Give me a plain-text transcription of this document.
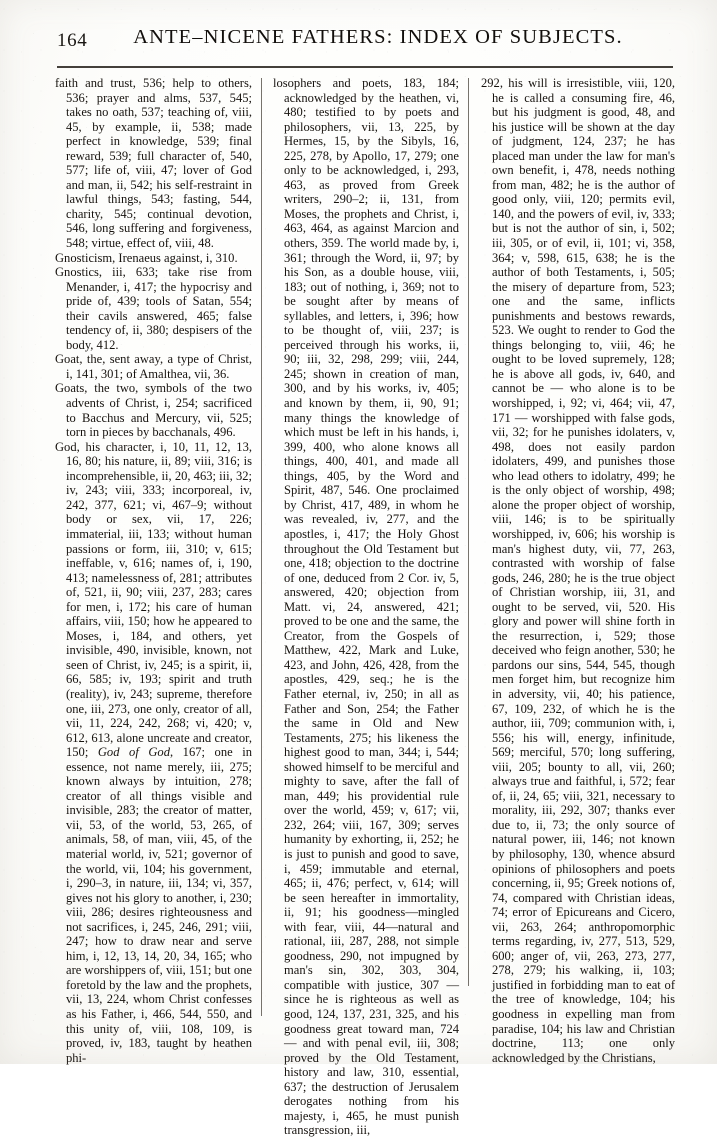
164	ANTE–NICENE FATHERS: INDEX OF SUBJECTS.

faith and trust, 536; help to others, 536; prayer and alms, 537, 545; takes no oath, 537; teaching of, viii, 45, by example, ii, 538; made perfect in knowledge, 539; final reward, 539; full character of, 540, 577; life of, viii, 47; lover of God and man, ii, 542; his self-restraint in lawful things, 543; fasting, 544, charity, 545; continual devotion, 546, long suffering and forgiveness, 548; virtue, effect of, viii, 48.

Gnosticism, Irenaeus against, i, 310.

Gnostics, iii, 633; take rise from Menander, i, 417; the hypocrisy and pride of, 439; tools of Satan, 554; their cavils answered, 465; false tendency of, ii, 380; despisers of the body, 412.

Goat, the, sent away, a type of Christ, i, 141, 301; of Amalthea, vii, 36.

Goats, the two, symbols of the two advents of Christ, i, 254; sacrificed to Bacchus and Mercury, vii, 525; torn in pieces by bacchanals, 496.

God, his character, i, 10, 11, 12, 13, 16, 80; his nature, ii, 89; viii, 316; is incomprehensible, ii, 20, 463; iii, 32; iv, 243; viii, 333; incorporeal, iv, 242, 377, 621; vi, 467–9; without body or sex, vii, 17, 226; immaterial, iii, 133; without human passions or form, iii, 310; v, 615; ineffable, v, 616; names of, i, 190, 413; namelessness of, 281; attributes of, 521, ii, 90; viii, 237, 283; cares for men, i, 172; his care of human affairs, viii, 150; how he appeared to Moses, i, 184, and others, yet invisible, 490, invisible, known, not seen of Christ, iv, 245; is a spirit, ii, 66, 585; iv, 193; spirit and truth (reality), iv, 243; supreme, therefore one, iii, 273, one only, creator of all, vii, 11, 224, 242, 268; vi, 420; v, 612, 613, alone uncreate and creator, 150; God of God, 167; one in essence, not name merely, iii, 275; known always by intuition, 278; creator of all things visible and invisible, 283; the creator of matter, vii, 53, of the world, 53, 265, of animals, 58, of man, viii, 45, of the material world, iv, 521; governor of the world, vii, 104; his government, i, 290–3, in nature, iii, 134; vi, 357, gives not his glory to another, i, 230; viii, 286; desires righteousness and not sacrifices, i, 245, 246, 291; viii, 247; how to draw near and serve him, i, 12, 13, 14, 20, 34, 165; who are worshippers of, viii, 151; but one foretold by the law and the prophets, vii, 13, 224, whom Christ confesses as his Father, i, 466, 544, 550, and this unity of, viii, 108, 109, is proved, iv, 183, taught by heathen phi-

losophers and poets, 183, 184; acknowledged by the heathen, vi, 480; testified to by poets and philosophers, vii, 13, 225, by Hermes, 15, by the Sibyls, 16, 225, 278, by Apollo, 17, 279; one only to be acknowledged, i, 293, 463, as proved from Greek writers, 290–2; ii, 131, from Moses, the prophets and Christ, i, 463, 464, as against Marcion and others, 359. The world made by, i, 361; through the Word, ii, 97; by his Son, as a double house, viii, 183; out of nothing, i, 369; not to be sought after by means of syllables, and letters, i, 396; how to be thought of, viii, 237; is perceived through his works, ii, 90; iii, 32, 298, 299; viii, 244, 245; shown in creation of man, 300, and by his works, iv, 405; and known by them, ii, 90, 91; many things the knowledge of which must be left in his hands, i, 399, 400, who alone knows all things, 400, 401, and made all things, 405, by the Word and Spirit, 487, 546. One proclaimed by Christ, 417, 489, in whom he was revealed, iv, 277, and the apostles, i, 417; the Holy Ghost throughout the Old Testament but one, 418; objection to the doctrine of one, deduced from 2 Cor. iv, 5, answered, 420; objection from Matt. vi, 24, answered, 421; proved to be one and the same, the Creator, from the Gospels of Matthew, 422, Mark and Luke, 423, and John, 426, 428, from the apostles, 429, seq.; he is the Father eternal, iv, 250; in all as Father and Son, 254; the Father the same in Old and New Testaments, 275; his likeness the highest good to man, 344; i, 544; showed himself to be merciful and mighty to save, after the fall of man, 449; his providential rule over the world, 459; v, 617; vii, 232, 264; viii, 167, 309; serves humanity by exhorting, ii, 252; he is just to punish and good to save, i, 459; immutable and eternal, 465; ii, 476; perfect, v, 614; will be seen hereafter in immortality, ii, 91; his goodness—mingled with fear, viii, 44—natural and rational, iii, 287, 288, not simple goodness, 290, not impugned by man's sin, 302, 303, 304, compatible with justice, 307 — since he is righteous as well as good, 124, 137, 231, 325, and his goodness great toward man, 724 — and with penal evil, iii, 308; proved by the Old Testament, history and law, 310, essential, 637; the destruction of Jerusalem derogates nothing from his majesty, i, 465, he must punish transgression, iii,

292, his will is irresistible, viii, 120, he is called a consuming fire, 46, but his judgment is good, 48, and his justice will be shown at the day of judgment, 124, 237; he has placed man under the law for man's own benefit, i, 478, needs nothing from man, 482; he is the author of good only, viii, 120; permits evil, 140, and the powers of evil, iv, 333; but is not the author of sin, i, 502; iii, 305, or of evil, ii, 101; vi, 358, 364; v, 598, 615, 638; he is the author of both Testaments, i, 505; the misery of departure from, 523; one and the same, inflicts punishments and bestows rewards, 523. We ought to render to God the things belonging to, viii, 46; he ought to be loved supremely, 128; he is above all gods, iv, 640, and cannot be — who alone is to be worshipped, i, 92; vi, 464; vii, 47, 171 — worshipped with false gods, vii, 32; for he punishes idolaters, v, 498, does not easily pardon idolaters, 499, and punishes those who lead others to idolatry, 499; he is the only object of worship, 498; alone the proper object of worship, viii, 146; is to be spiritually worshipped, iv, 606; his worship is man's highest duty, vii, 77, 263, contrasted with worship of false gods, 246, 280; he is the true object of Christian worship, iii, 31, and ought to be served, vii, 520. His glory and power will shine forth in the resurrection, i, 529; those deceived who feign another, 530; he pardons our sins, 544, 545, though men forget him, but recognize him in adversity, vii, 40; his patience, 67, 109, 232, of which he is the author, iii, 709; communion with, i, 556; his will, energy, infinitude, 569; merciful, 570; long suffering, viii, 205; bounty to all, vii, 260; always true and faithful, i, 572; fear of, ii, 24, 65; viii, 321, necessary to morality, iii, 292, 307; thanks ever due to, ii, 73; the only source of natural power, iii, 146; not known by philosophy, 130, whence absurd opinions of philosophers and poets concerning, ii, 95; Greek notions of, 74, compared with Christian ideas, 74; error of Epicureans and Cicero, vii, 263, 264; anthropomorphic terms regarding, iv, 277, 513, 529, 600; anger of, vii, 263, 273, 277, 278, 279; his walking, ii, 103; justified in forbidding man to eat of the tree of knowledge, 104; his goodness in expelling man from paradise, 104; his law and Christian doctrine, 113; one only acknowledged by the Christians,
